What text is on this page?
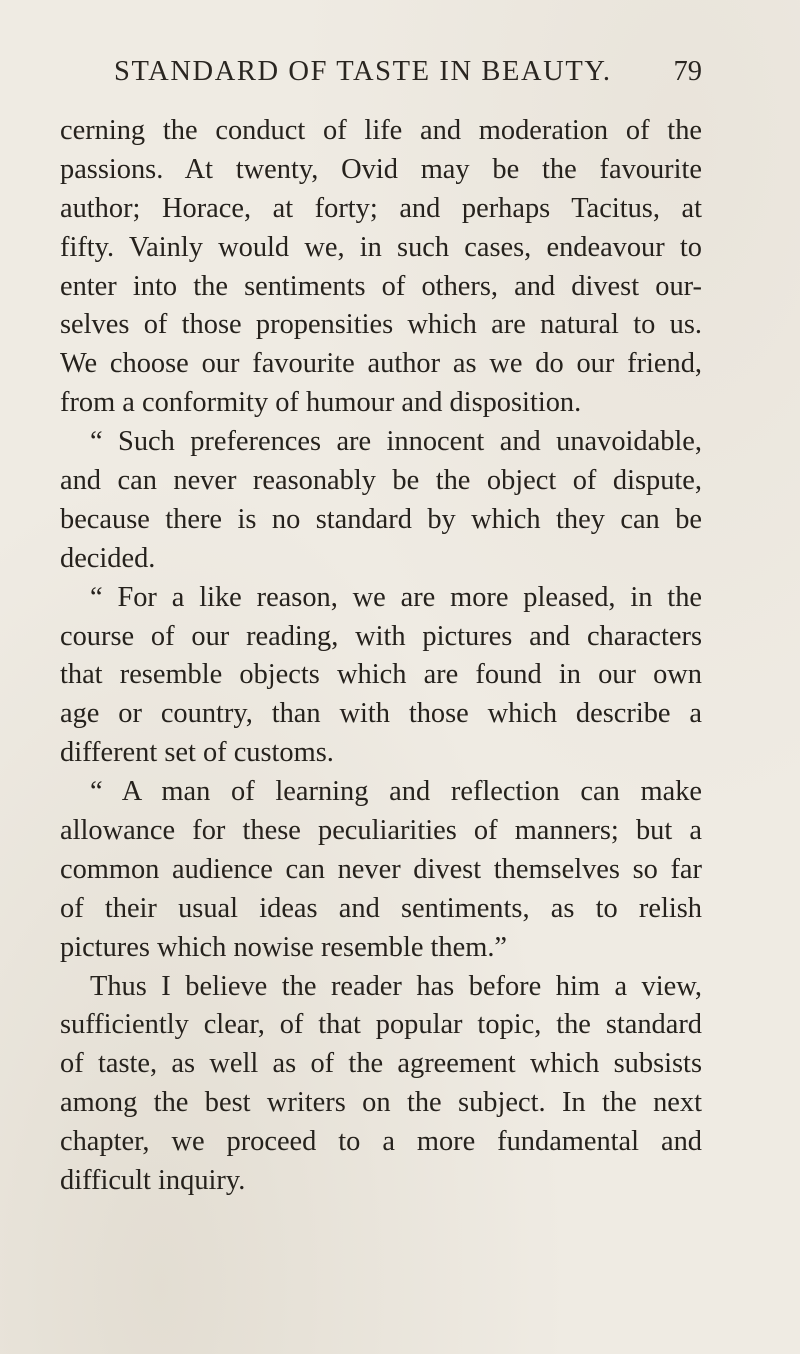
STANDARD OF TASTE IN BEAUTY. 79
cerning the conduct of life and moderation of the
passions. At twenty, Ovid may be the favourite
author; Horace, at forty; and perhaps Tacitus, at
fifty. Vainly would we, in such cases, endeavour to
enter into the sentiments of others, and divest our-
selves of those propensities which are natural to us.
We choose our favourite author as we do our friend,
from a conformity of humour and disposition.
“ Such preferences are innocent and unavoidable,
and can never reasonably be the object of dispute,
because there is no standard by which they can be
decided.
“ For a like reason, we are more pleased, in the
course of our reading, with pictures and characters
that resemble objects which are found in our own
age or country, than with those which describe a
different set of customs.
“ A man of learning and reflection can make
allowance for these peculiarities of manners; but a
common audience can never divest themselves so far
of their usual ideas and sentiments, as to relish
pictures which nowise resemble them.”
Thus I believe the reader has before him a view,
sufficiently clear, of that popular topic, the standard
of taste, as well as of the agreement which subsists
among the best writers on the subject. In the next
chapter, we proceed to a more fundamental and
difficult inquiry.
